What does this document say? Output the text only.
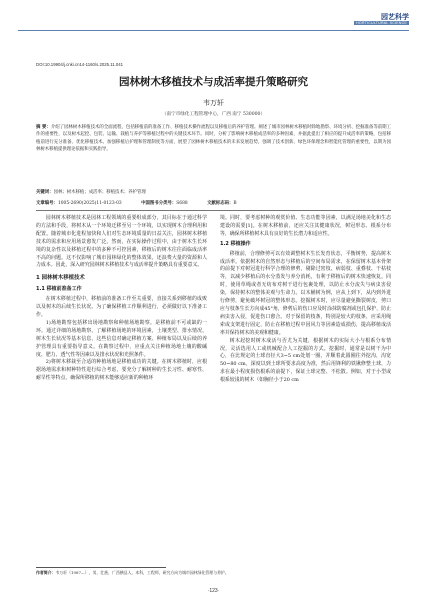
园艺科学
HORTICULTURAL SCIENCE
DOI:10.19904/j.cnki.cn14-1160/s.2025.11.041
园林树木移植技术与成活率提升策略研究
韦万轩
（南宁市绿化工程管理中心，广西 南宁 530000）
摘 要：介绍了园林树木移植技术的全面流程，包括移植前的准备工作、移植技术操作流程以及移植后的养护管理。阐述了城市园林树木移植时除地勘察、环境分析、挖掘准备等前期工作的重要性，以及树木起挖、包装、运输、栽植与养护等移植过程中的关键技术环节。同时，分析了影响树木移植成活率的多种因素，并据此提出了相应的提升成活率的策略，包括移植前进行充分准备、优化移植技术、加强移植后护理和管理制度等方面，展望了园林树木移植技术的未来发展趋势，强调了技术创新、绿色环保理念和智能化管理的重要性，以期为园林树木移植提供理论依据和实践指导。
关键词：园林；树木移植；成活率；移植技术；养护管理
文章编号：1005-2690(2025)11-0123-03	中国图书分类号：S688	文献标志码：B

园林树木移植技术是园林工程领域的重要组成部分，其目标在于通过科学的方法和手段，将树木从一个环境迁移至另一个环境，以实现树木合理利用和配置。随着城市化进程加快和人们对生态环境质量的日益关注，园林树木移植技术的需求和应用场景愈发广泛。然而，在实际操作过程中，由于树木生长环境的复杂性以及移植过程中的多种不可控因素，移植后的树木往往面临成活率不高的问题。这不仅影响了城市园林绿化的整体效果，还浪费大量的资源和人力成本。因此，深入研究园林树木移植技术与成活率提升策略具有重要意义。

1 园林树木移植技术
1.1 移植前准备工作

在树木移植过程中，移植前的准备工作至关重要，直接关系到移植的成败以及树木的后续生长状况。为了确保移植工作顺利进行，必须做好以下准备工作。

1)场地勘察包括移出场地勘察和种植场地勘察。是移植前不可或缺的一环。通过详细的场地勘察，了解移植场地的环境因素，土壤类型、排水情况、树木生长状况等基本信息，这些信息对确定移植方案、种植布局以及后续的养护管理具有重要指导意义。在勘察过程中，应重点关注种植场地土壤的酸碱度、肥力、透气性等因素以及排水状况和光照条件。

2)将树木移栽至合适的种植场地是移植成功的关键。在树木移植时，应根据场地需求和树种特性进行综合考虑，要充分了解树种的生长习性、耐寒性、耐旱性等特点，确保所移植的树木能够适应新的种植环

境。同时，要考虑树种的观赏价值、生态功能等因素，以满足场地美化和生态建设的需要[1]。在树木移植前，还应关注其健康状况，树冠形态、根系分布等，确保所移植树木具有良好的生长潜力和适应性。

1.2 移植操作

移植前，合理修剪可以有效调整树木生长发育状态，平衡树势，提高树木成活率。依据树木的自然形态与移植后的空间布局需求，在保留树木基本骨架的前提下对树冠进行科学合理的修剪，剔除过密枝、病弱枝、重叠枝、干枯枝等，以减少移植后的水分蒸发与养分消耗，有利于移植后的树木快速恢复。同时，使用草绳或者无纺布对树干进行包裹处理，以防止水分流失与病虫害侵染，保持树木的整体美观与生命力。以木桶树为例，应从上到下，从内到外进行修剪，避免破坏树冠的整体形态。挖掘树木时，应尽量避免撕裂树皮，剪口应与枝条生长方向成45°角，修剪后的伤口应及时涂抹防腐剂或包扎保护，防止病虫害入侵，促进伤口愈合。对于保留的枝条，特别是较大的枝条，应采用绳索或支架进行固定，防止在移植过程中因风力等因素造成损伤，提高移植成活率并保持树木的美观和健康。

树木起挖时树木成活与否尤为关键，根据树木的实际大小与根系分布情况，灵活选用人工或机械配合人工挖掘的方式。挖掘时，通常是以树干为中心，在比规定的土球直径大3~5 cm处划一圈，并顺着此圆圈往外挖沟，沟宽50~80 cm，深度以到土球所要求高度为准，然后用锋利的铁锹修整土球，力求在最小程度损伤根系的前提下，保证土球完整、不松散。例如，对于小型或根系较浅的树木（如胸径小于20 cm

作者简介：韦万轩（1987—），男，壮族，广西横县人，本科，工程师，研究方向为城市园林绿化管理与养护。
·123·
